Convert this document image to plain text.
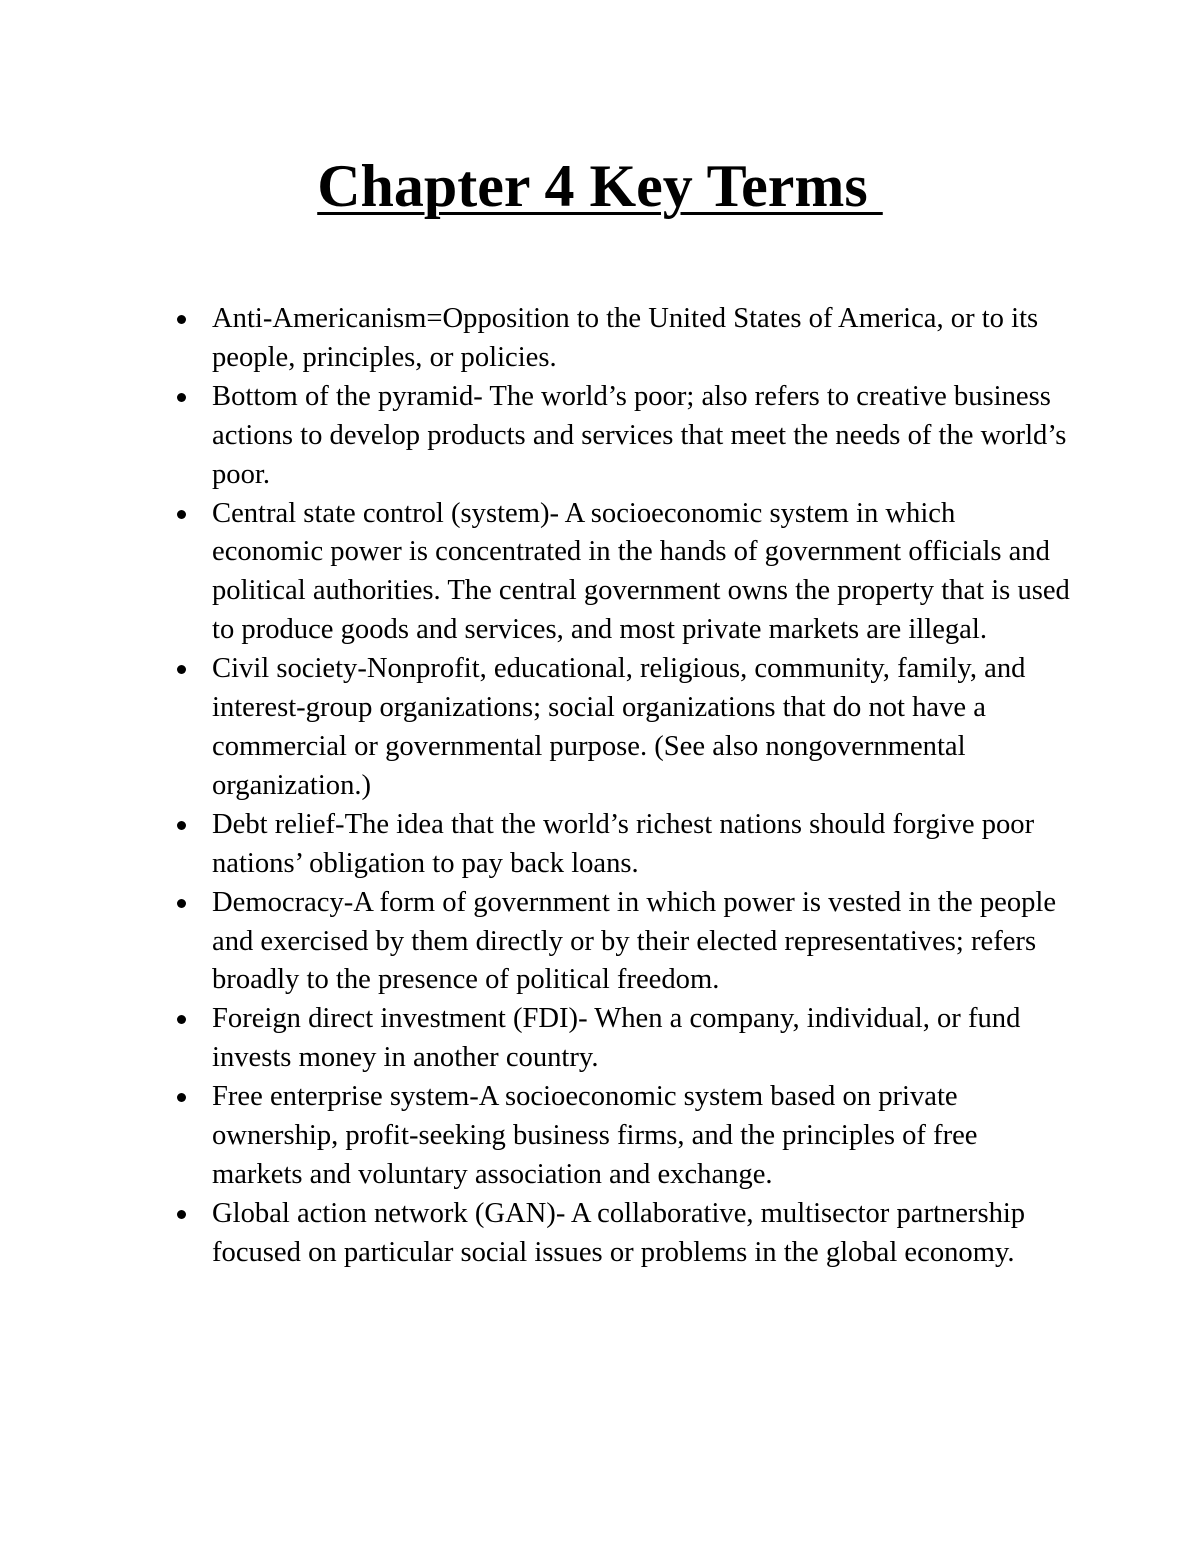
Chapter 4 Key Terms
Anti-Americanism=Opposition to the United States of America, or to its people, principles, or policies.
Bottom of the pyramid- The world’s poor; also refers to creative business actions to develop products and services that meet the needs of the world’s poor.
Central state control (system)- A socioeconomic system in which economic power is concentrated in the hands of government officials and political authorities. The central government owns the property that is used to produce goods and services, and most private markets are illegal.
Civil society-Nonprofit, educational, religious, community, family, and interest-group organizations; social organizations that do not have a commercial or governmental purpose. (See also nongovernmental organization.)
Debt relief-The idea that the world’s richest nations should forgive poor nations’ obligation to pay back loans.
Democracy-A form of government in which power is vested in the people and exercised by them directly or by their elected representatives; refers broadly to the presence of political freedom.
Foreign direct investment (FDI)- When a company, individual, or fund invests money in another country.
Free enterprise system-A socioeconomic system based on private ownership, profit-seeking business firms, and the principles of free markets and voluntary association and exchange.
Global action network (GAN)- A collaborative, multisector partnership focused on particular social issues or problems in the global economy.
